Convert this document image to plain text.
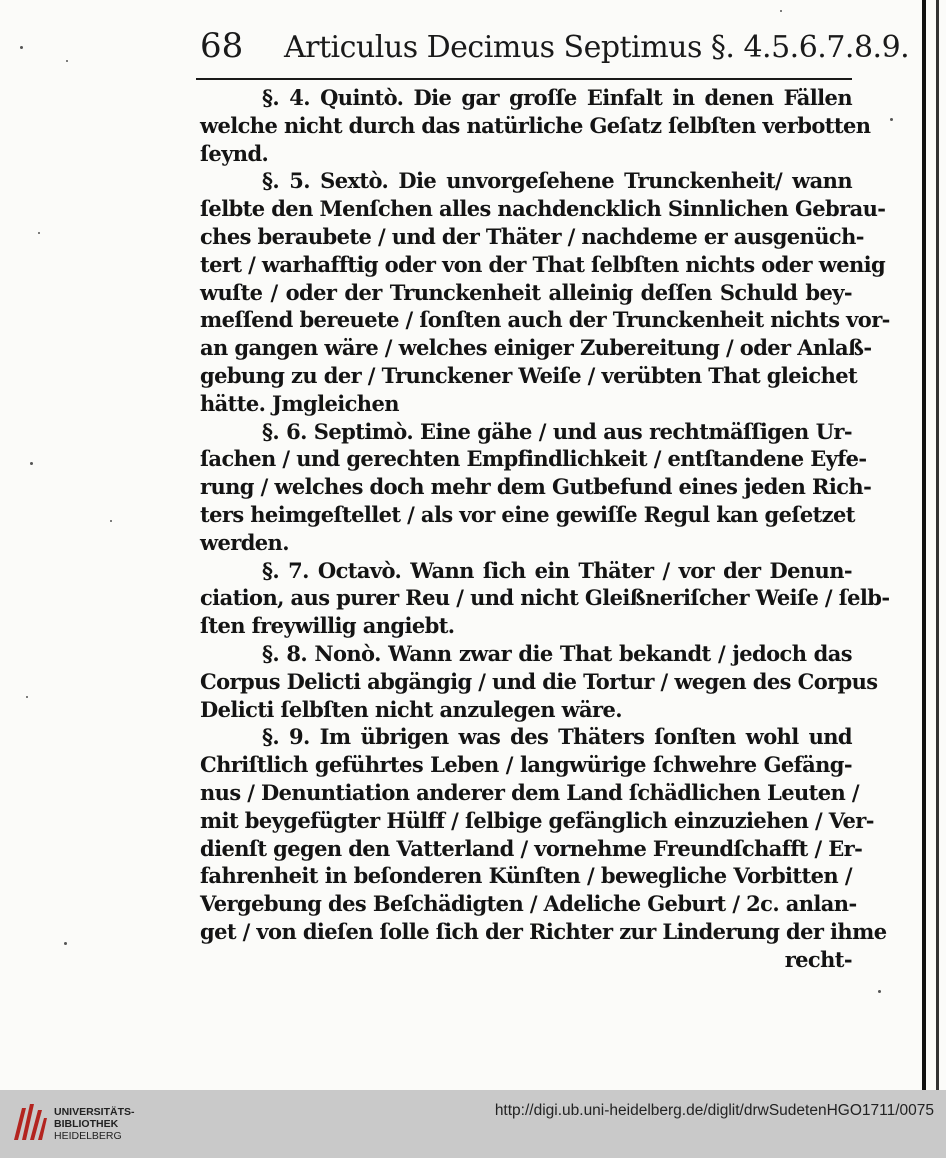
68 Articulus Decimus Septimus §. 4.5.6.7.8.9.
§. 4. Quintò. Die gar groſſe Einfalt in denen Fällen
welche nicht durch das natürliche Geſatz ſelbſten verbotten
ſeynd.
§. 5. Sextò. Die unvorgeſehene Trunckenheit/ wann
ſelbte den Menſchen alles nachdencklich Sinnlichen Gebrau-
ches beraubete / und der Thäter / nachdeme er ausgenüch-
tert / warhafftig oder von der That ſelbſten nichts oder wenig
wuſte / oder der Trunckenheit alleinig deſſen Schuld bey-
meſſend bereuete / ſonſten auch der Trunckenheit nichts vor-
an gangen wäre / welches einiger Zubereitung / oder Anlaß-
gebung zu der / Trunckener Weiſe / verübten That gleichet
hätte. Jmgleichen
§. 6. Septimò. Eine gähe / und aus rechtmäſſigen Ur-
ſachen / und gerechten Empfindlichkeit / entſtandene Eyfe-
rung / welches doch mehr dem Gutbefund eines jeden Rich-
ters heimgeſtellet / als vor eine gewiſſe Regul kan geſetzet
werden.
§. 7. Octavò. Wann ſich ein Thäter / vor der Denun-
ciation, aus purer Reu / und nicht Gleißneriſcher Weiſe / ſelb-
ſten freywillig angiebt.
§. 8. Nonò. Wann zwar die That bekandt / jedoch das
Corpus Delicti abgängig / und die Tortur / wegen des Corpus
Delicti ſelbſten nicht anzulegen wäre.
§. 9. Im übrigen was des Thäters ſonſten wohl und
Chriſtlich geführtes Leben / langwürige ſchwehre Gefäng-
nus / Denuntiation anderer dem Land ſchädlichen Leuten /
mit beygefügter Hülff / ſelbige gefänglich einzuziehen / Ver-
dienſt gegen den Vatterland / vornehme Freundſchafft / Er-
fahrenheit in beſonderen Künſten / bewegliche Vorbitten /
Vergebung des Beſchädigten / Adeliche Geburt / 2c. anlan-
get / von dieſen ſolle ſich der Richter zur Linderung der ihme
recht-
UNIVERSITÄTS-
BIBLIOTHEK
HEIDELBERG
http://digi.ub.uni-heidelberg.de/diglit/drwSudetenHGO1711/0075
